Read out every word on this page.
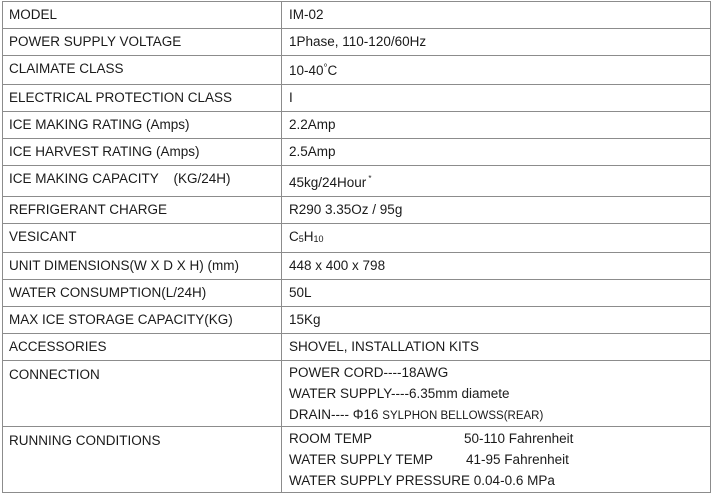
MODEL	IM-02
POWER SUPPLY VOLTAGE	1Phase, 110-120/60Hz
CLAIMATE CLASS	10-40°C
ELECTRICAL PROTECTION CLASS	I
ICE MAKING RATING (Amps)	2.2Amp
ICE HARVEST RATING (Amps)	2.5Amp
ICE MAKING CAPACITY    (KG/24H)	45kg/24Hour *
REFRIGERANT CHARGE	R290 3.35Oz / 95g
VESICANT	$C_5H_{10}$
UNIT DIMENSIONS(W X D X H) (mm)	448 x 400 x 798
WATER CONSUMPTION(L/24H)	50L
MAX ICE STORAGE CAPACITY(KG)	15Kg
ACCESSORIES	SHOVEL, INSTALLATION KITS
CONNECTION	POWER CORD----18AWG
WATER SUPPLY----6.35mm diamete
DRAIN---- Φ16 SYLPHON BELLOWSS(REAR)

RUNNING CONDITIONS	ROOM TEMP 50-110 Fahrenheit
WATER SUPPLY TEMP 41-95 Fahrenheit
WATER SUPPLY PRESSURE 0.04-0.6 MPa
